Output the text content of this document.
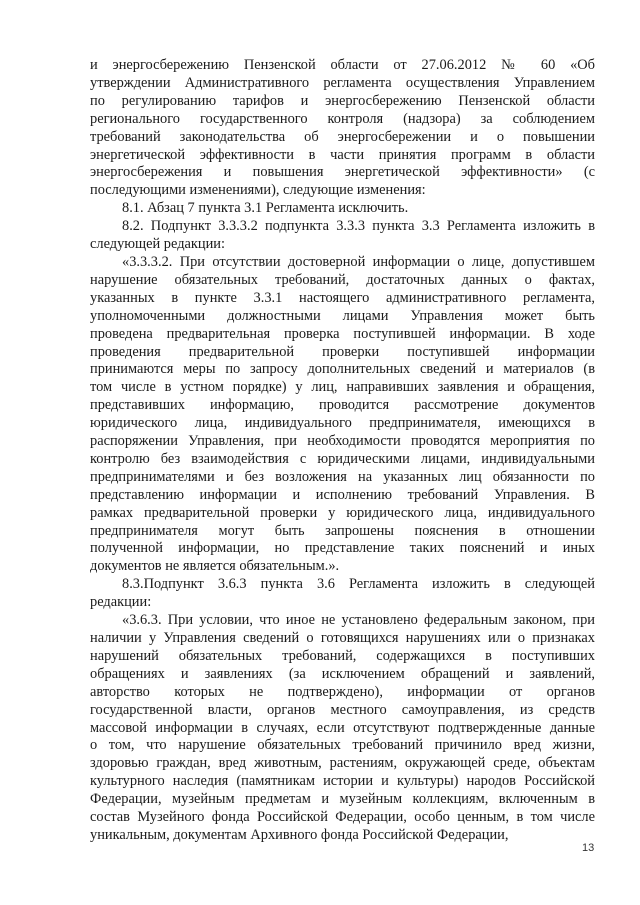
и энергосбережению Пензенской области от 27.06.2012 № 60 «Об
утверждении Административного регламента осуществления Управлением
по регулированию тарифов и энергосбережению Пензенской области
регионального государственного контроля (надзора) за соблюдением
требований законодательства об энергосбережении и о повышении
энергетической эффективности в части принятия программ в области
энергосбережения и повышения энергетической эффективности» (с
последующими изменениями), следующие изменения:
8.1. Абзац 7 пункта 3.1 Регламента исключить.
8.2. Подпункт 3.3.3.2 подпункта 3.3.3 пункта 3.3 Регламента изложить в
следующей редакции:
«3.3.3.2. При отсутствии достоверной информации о лице, допустившем
нарушение обязательных требований, достаточных данных о фактах,
указанных в пункте 3.3.1 настоящего административного регламента,
уполномоченными должностными лицами Управления может быть
проведена предварительная проверка поступившей информации. В ходе
проведения предварительной проверки поступившей информации
принимаются меры по запросу дополнительных сведений и материалов (в
том числе в устном порядке) у лиц, направивших заявления и обращения,
представивших информацию, проводится рассмотрение документов
юридического лица, индивидуального предпринимателя, имеющихся в
распоряжении Управления, при необходимости проводятся мероприятия по
контролю без взаимодействия с юридическими лицами, индивидуальными
предпринимателями и без возложения на указанных лиц обязанности по
представлению информации и исполнению требований Управления. В
рамках предварительной проверки у юридического лица, индивидуального
предпринимателя могут быть запрошены пояснения в отношении
полученной информации, но представление таких пояснений и иных
документов не является обязательным.».
8.3.Подпункт 3.6.3 пункта 3.6 Регламента изложить в следующей
редакции:
«3.6.3. При условии, что иное не установлено федеральным законом, при
наличии у Управления сведений о готовящихся нарушениях или о признаках
нарушений обязательных требований, содержащихся в поступивших
обращениях и заявлениях (за исключением обращений и заявлений,
авторство которых не подтверждено), информации от органов
государственной власти, органов местного самоуправления, из средств
массовой информации в случаях, если отсутствуют подтвержденные данные
о том, что нарушение обязательных требований причинило вред жизни,
здоровью граждан, вред животным, растениям, окружающей среде, объектам
культурного наследия (памятникам истории и культуры) народов Российской
Федерации, музейным предметам и музейным коллекциям, включенным в
состав Музейного фонда Российской Федерации, особо ценным, в том числе
уникальным, документам Архивного фонда Российской Федерации,
13
